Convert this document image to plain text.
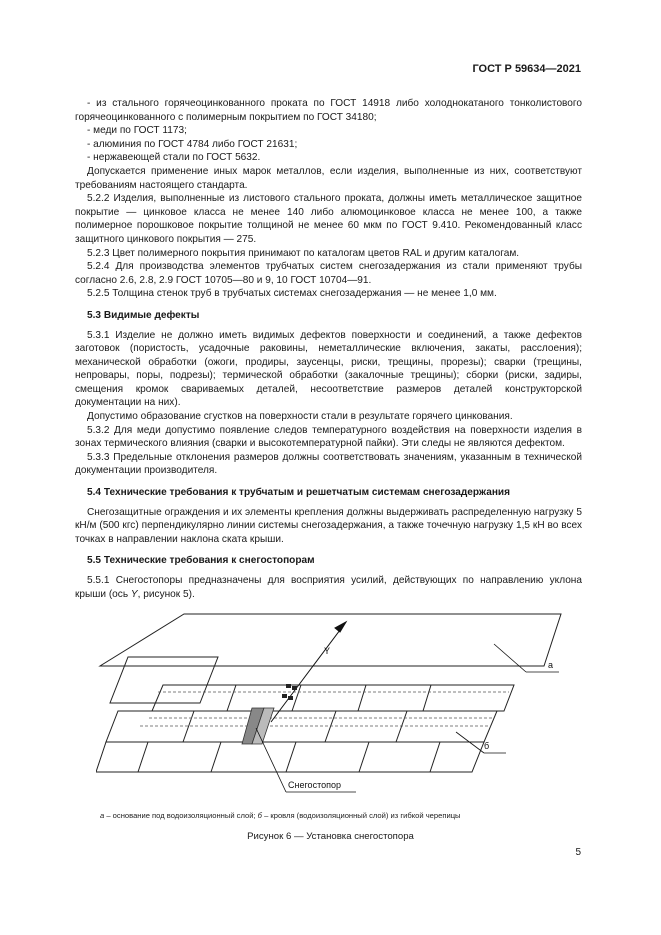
ГОСТ Р 59634—2021

- из стального горячеоцинкованного проката по ГОСТ 14918 либо холоднокатаного тонколистового горячеоцинкованного с полимерным покрытием по ГОСТ 34180;

- меди по ГОСТ 1173;

- алюминия по ГОСТ 4784 либо ГОСТ 21631;

- нержавеющей стали по ГОСТ 5632.

Допускается применение иных марок металлов, если изделия, выполненные из них, соответствуют требованиям настоящего стандарта.

5.2.2 Изделия, выполненные из листового стального проката, должны иметь металлическое защитное покрытие — цинковое класса не менее 140 либо алюмоцинковое класса не менее 100, а также полимерное порошковое покрытие толщиной не менее 60 мкм по ГОСТ 9.410. Рекомендованный класс защитного цинкового покрытия — 275.

5.2.3 Цвет полимерного покрытия принимают по каталогам цветов RAL и другим каталогам.

5.2.4 Для производства элементов трубчатых систем снегозадержания из стали применяют трубы согласно 2.6, 2.8, 2.9 ГОСТ 10705—80 и 9, 10 ГОСТ 10704—91.

5.2.5 Толщина стенок труб в трубчатых системах снегозадержания — не менее 1,0 мм.

5.3 Видимые дефекты

5.3.1 Изделие не должно иметь видимых дефектов поверхности и соединений, а также дефектов заготовок (пористость, усадочные раковины, неметаллические включения, закаты, расслоения); механической обработки (ожоги, продиры, заусенцы, риски, трещины, прорезы); сварки (трещины, непровары, поры, подрезы); термической обработки (закалочные трещины); сборки (риски, задиры, смещения кромок свариваемых деталей, несоответствие размеров деталей конструкторской документации на них).

Допустимо образование сгустков на поверхности стали в результате горячего цинкования.

5.3.2 Для меди допустимо появление следов температурного воздействия на поверхности изделия в зонах термического влияния (сварки и высокотемпературной пайки). Эти следы не являются дефектом.

5.3.3 Предельные отклонения размеров должны соответствовать значениям, указанным в технической документации производителя.

5.4 Технические требования к трубчатым и решетчатым системам снегозадержания

Снегозащитные ограждения и их элементы крепления должны выдерживать распределенную нагрузку 5 кН/м (500 кгс) перпендикулярно линии системы снегозадержания, а также точечную нагрузку 1,5 кН во всех точках в направлении наклона ската крыши.

5.5 Технические требования к снегостопорам

5.5.1 Снегостопоры предназначены для восприятия усилий, действующих по направлению уклона крыши (ось Y, рисунок 5).

Y
а
б
Снегостопор
а – основание под водоизоляционный слой; б – кровля (водоизоляционный слой) из гибкой черепицы
Рисунок 6 — Установка снегостопора
5
